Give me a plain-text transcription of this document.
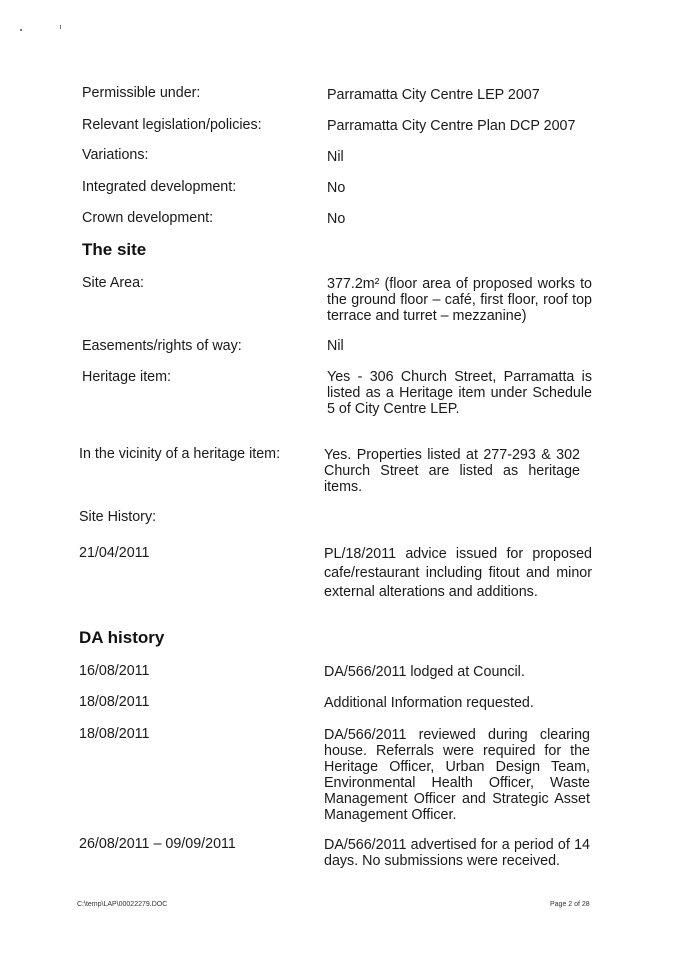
Permissible under:	Parramatta City Centre LEP 2007
Relevant legislation/policies:	Parramatta City Centre Plan DCP 2007
Variations:	Nil
Integrated development:	No
Crown development:	No
The site
Site Area:	377.2m² (floor area of proposed works to the ground floor – café, first floor, roof top terrace and turret – mezzanine)
Easements/rights of way:	Nil
Heritage item:	Yes - 306 Church Street, Parramatta is listed as a Heritage item under Schedule 5 of City Centre LEP.
In the vicinity of a heritage item:	Yes. Properties listed at 277-293 & 302 Church Street are listed as heritage items.
Site History:
21/04/2011	PL/18/2011 advice issued for proposed cafe/restaurant including fitout and minor external alterations and additions.
DA history
16/08/2011	DA/566/2011 lodged at Council.
18/08/2011	Additional Information requested.
18/08/2011	DA/566/2011 reviewed during clearing house. Referrals were required for the Heritage Officer, Urban Design Team, Environmental Health Officer, Waste Management Officer and Strategic Asset Management Officer.
26/08/2011 – 09/09/2011	DA/566/2011 advertised for a period of 14 days. No submissions were received.
C:\temp\LAP\00022279.DOC	Page 2 of 28
